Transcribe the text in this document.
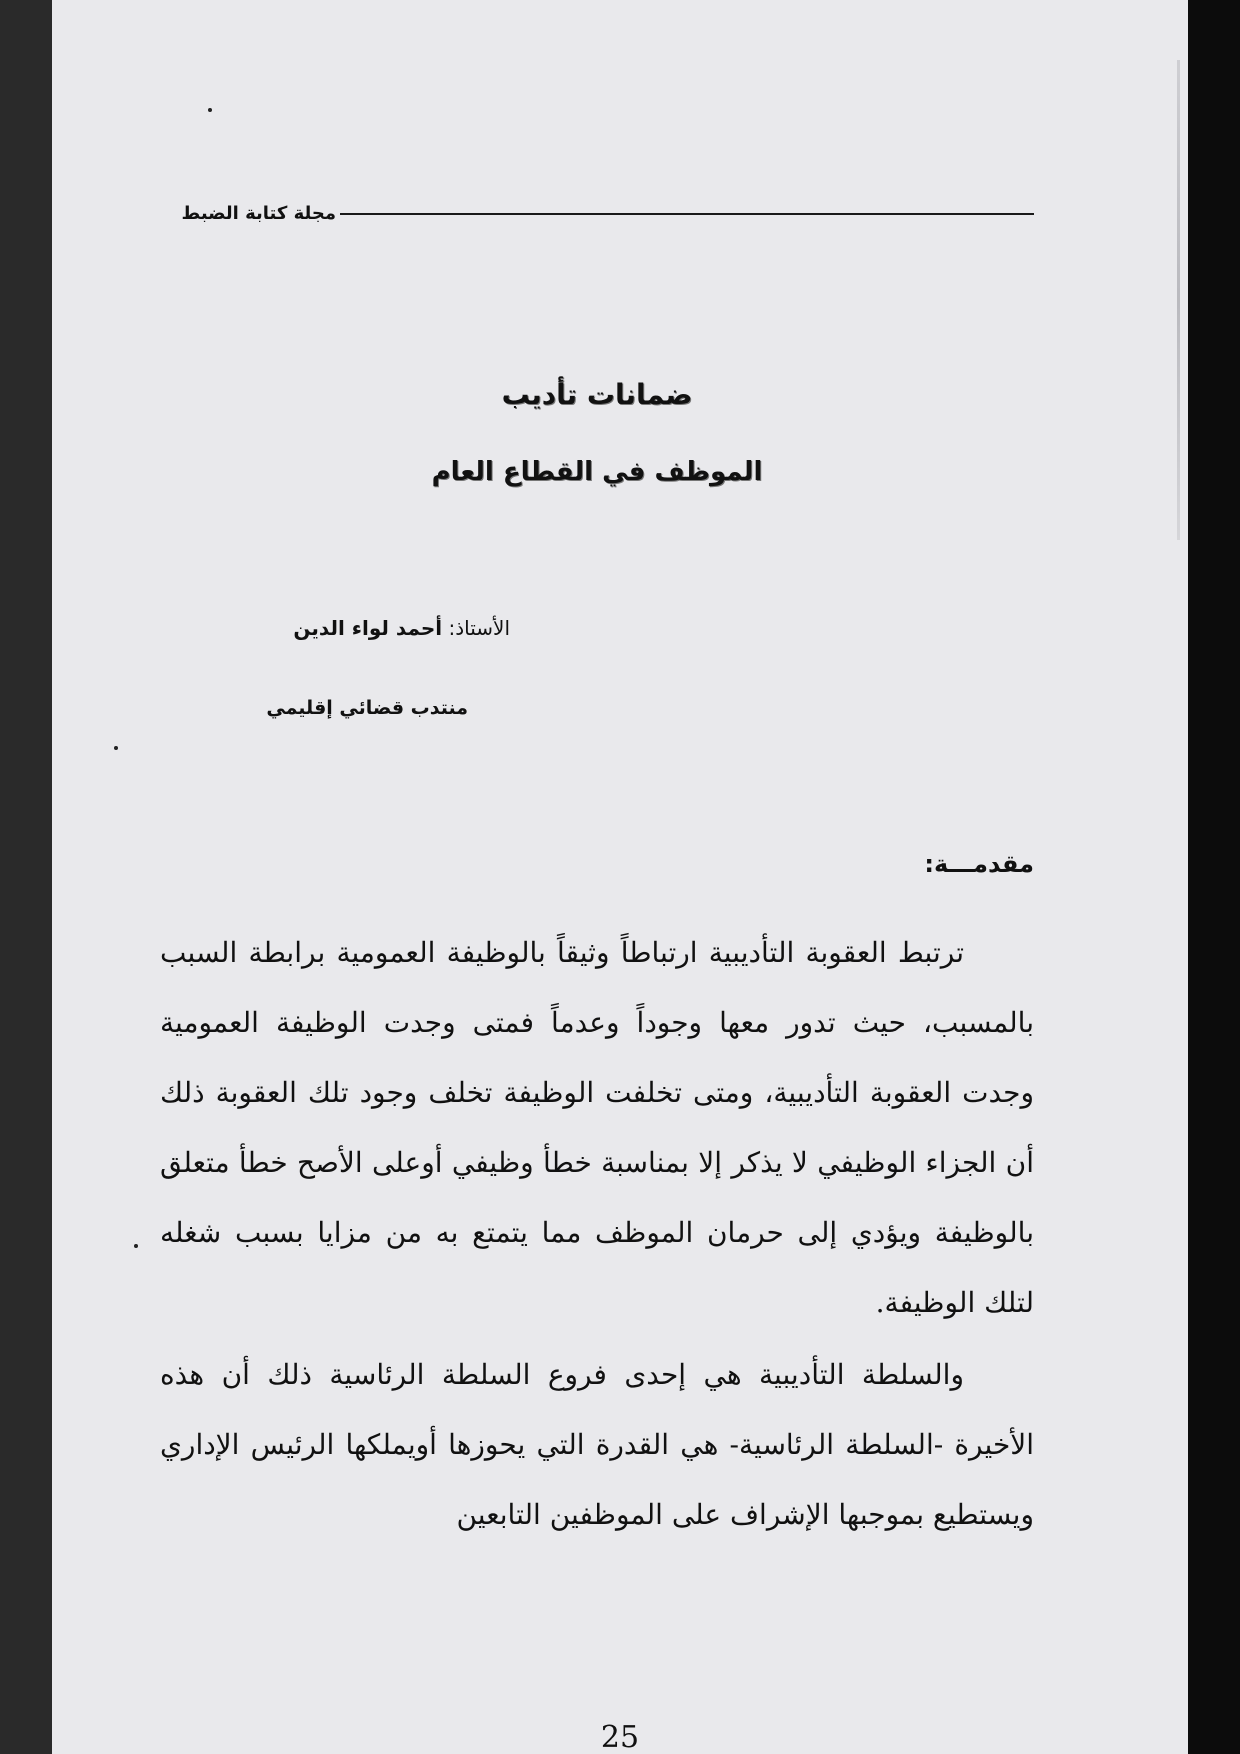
مجلة كتابة الضبط
ضمانات تأديب
الموظف في القطاع العام
الأستاذ: أحمد لواء الدين
منتدب قضائي إقليمي
مقدمـــة:

ترتبط العقوبة التأديبية ارتباطاً وثيقاً بالوظيفة العمومية برابطة السبب بالمسبب، حيث تدور معها وجوداً وعدماً فمتى وجدت الوظيفة العمومية وجدت العقوبة التأديبية، ومتى تخلفت الوظيفة تخلف وجود تلك العقوبة ذلك أن الجزاء الوظيفي لا يذكر إلا بمناسبة خطأ وظيفي أوعلى الأصح خطأ متعلق بالوظيفة ويؤدي إلى حرمان الموظف مما يتمتع به من مزايا بسبب شغله لتلك الوظيفة.

والسلطة التأديبية هي إحدى فروع السلطة الرئاسية ذلك أن هذه الأخيرة -السلطة الرئاسية- هي القدرة التي يحوزها أويملكها الرئيس الإداري ويستطيع بموجبها الإشراف على الموظفين التابعين

25
